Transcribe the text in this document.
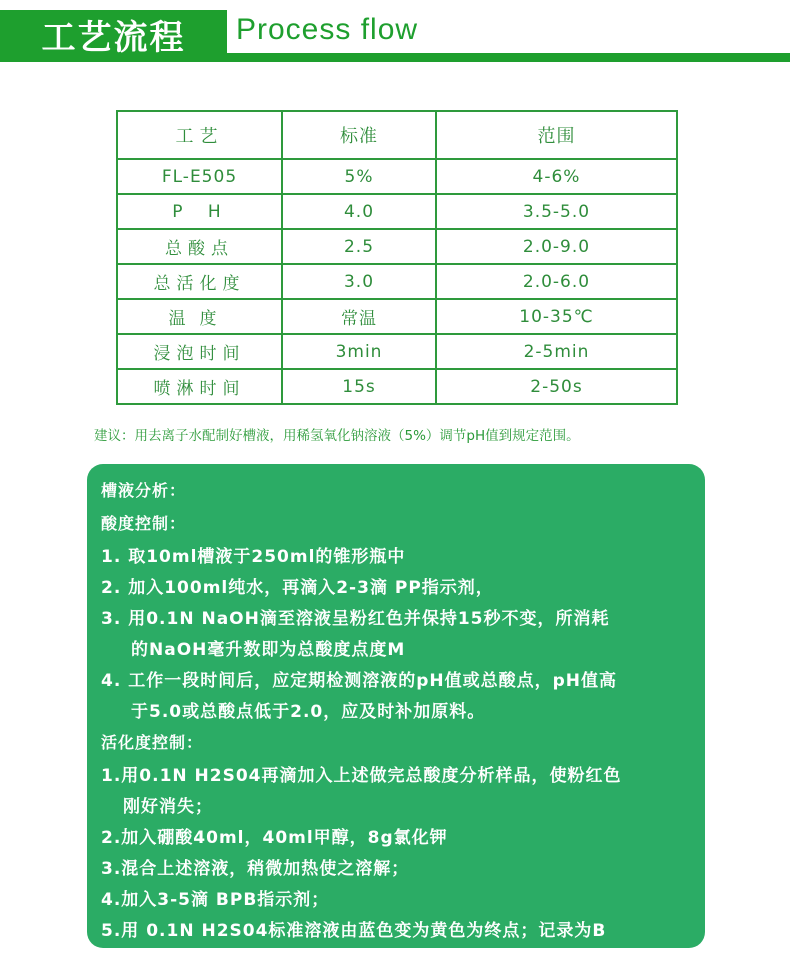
工艺流程	Process flow
工艺	标准	范围
FL-E505	5%	4-6%
P H	4.0	3.5-5.0
总酸点	2.5	2.0-9.0
总活化度	3.0	2.0-6.0
温度	常温	10-35℃
浸泡时间	3min	2-5min
喷淋时间	15s	2-50s
建议：用去离子水配制好槽液，用稀氢氧化钠溶液（5%）调节pH值到规定范围。
槽液分析：
酸度控制：
1. 取10ml槽液于250ml的锥形瓶中
2. 加入100ml纯水，再滴入2-3滴 PP指示剂，
3. 用0.1N NaOH滴至溶液呈粉红色并保持15秒不变，所消耗
的NaOH毫升数即为总酸度点度M
4. 工作一段时间后，应定期检测溶液的pH值或总酸点，pH值高
于5.0或总酸点低于2.0，应及时补加原料。
活化度控制：
1.用0.1N H2S04再滴加入上述做完总酸度分析样品，使粉红色
刚好消失；
2.加入硼酸40ml，40ml甲醇，8g氯化钾
3.混合上述溶液，稍微加热使之溶解；
4.加入3-5滴 BPB指示剂；
5.用 0.1N H2S04标准溶液由蓝色变为黄色为终点；记录为B
